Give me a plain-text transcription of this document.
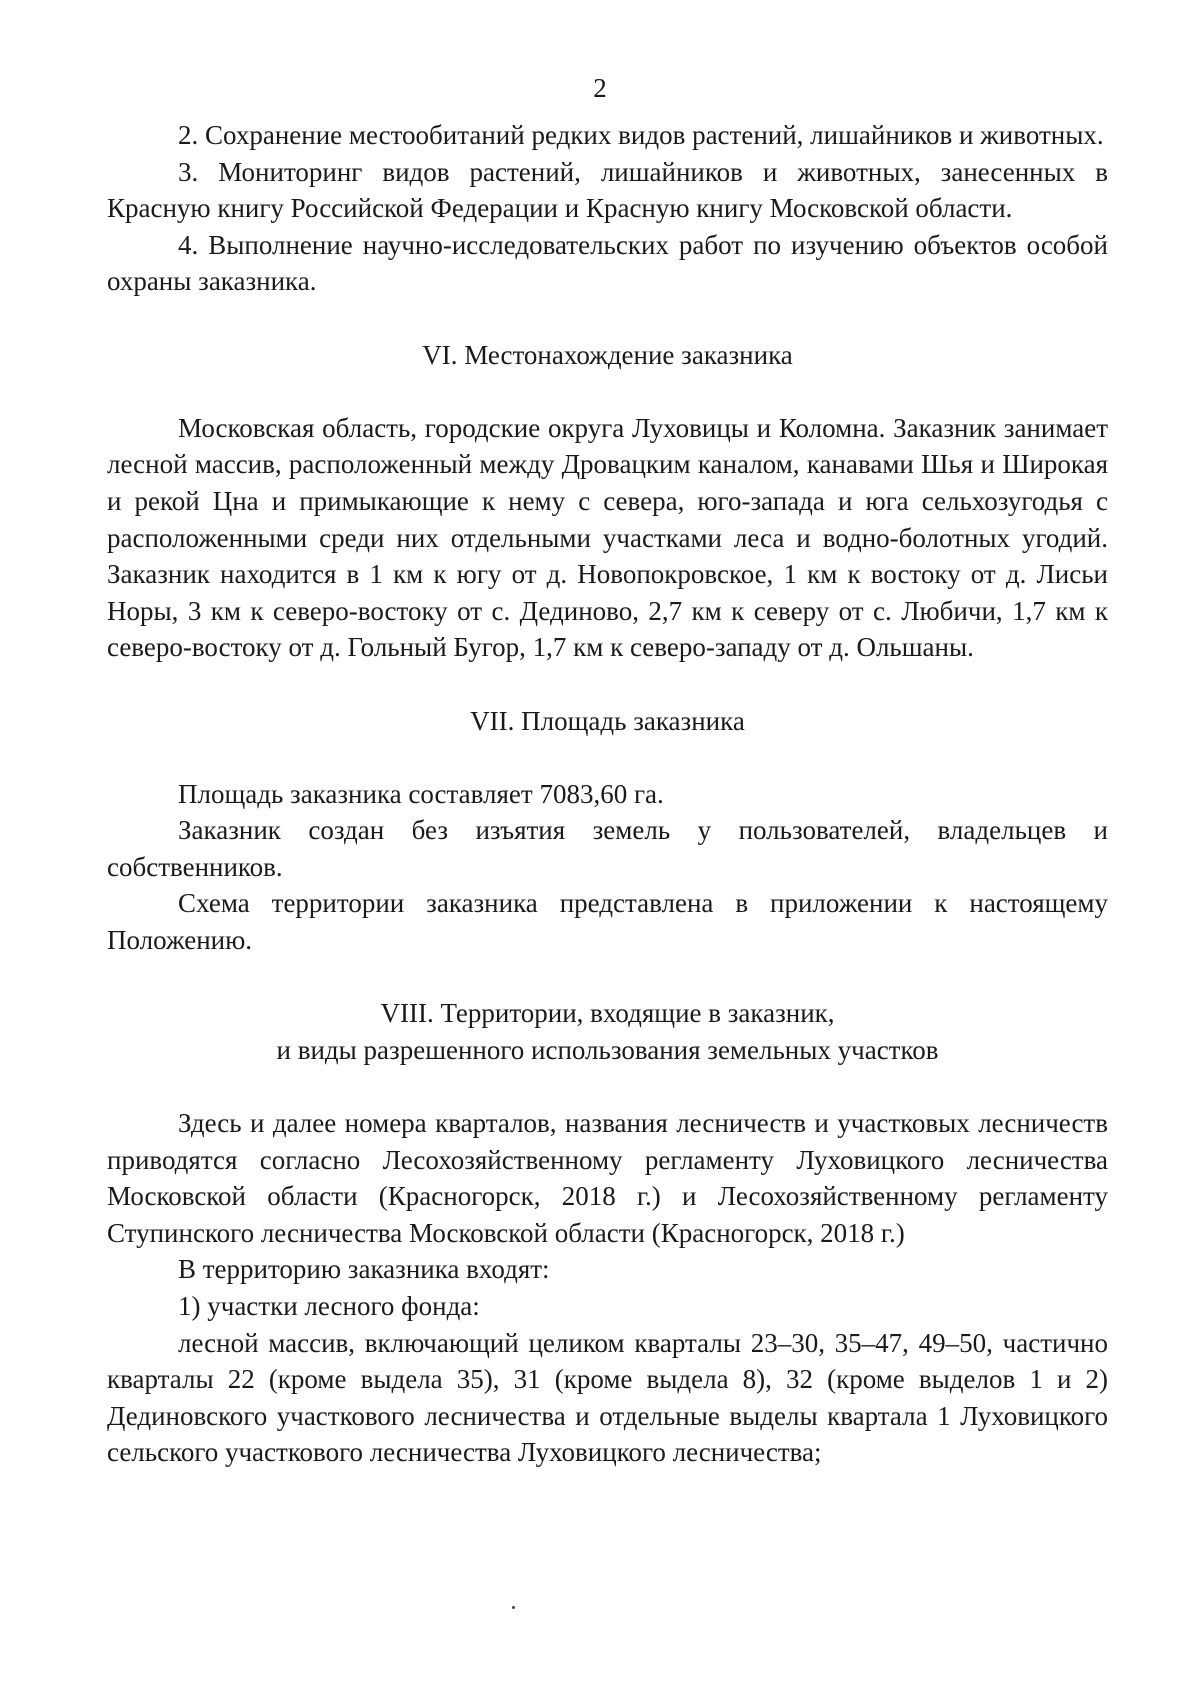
2

2. Сохранение местообитаний редких видов растений, лишайников и животных.

3. Мониторинг видов растений, лишайников и животных, занесенных в Красную книгу Российской Федерации и Красную книгу Московской области.

4. Выполнение научно-исследовательских работ по изучению объектов особой охраны заказника.

VI. Местонахождение заказника

Московская область, городские округа Луховицы и Коломна. Заказник занимает лесной массив, расположенный между Дровацким каналом, канавами Шья и Широкая и рекой Цна и примыкающие к нему с севера, юго-запада и юга сельхозугодья с расположенными среди них отдельными участками леса и водно-болотных угодий. Заказник находится в 1 км к югу от д. Новопокровское, 1 км к востоку от д. Лисьи Норы, 3 км к северо-востоку от с. Дединово, 2,7 км к северу от с. Любичи, 1,7 км к северо-востоку от д. Гольный Бугор, 1,7 км к северо-западу от д. Ольшаны.

VII. Площадь заказника

Площадь заказника составляет 7083,60 га.

Заказник создан без изъятия земель у пользователей, владельцев и собственников.

Схема территории заказника представлена в приложении к настоящему Положению.

VIII. Территории, входящие в заказник,
и виды разрешенного использования земельных участков

Здесь и далее номера кварталов, названия лесничеств и участковых лесничеств приводятся согласно Лесохозяйственному регламенту Луховицкого лесничества Московской области (Красногорск, 2018 г.) и Лесохозяйственному регламенту Ступинского лесничества Московской области (Красногорск, 2018 г.)

В территорию заказника входят:

1) участки лесного фонда:

лесной массив, включающий целиком кварталы 23–30, 35–47, 49–50, частично кварталы 22 (кроме выдела 35), 31 (кроме выдела 8), 32 (кроме выделов 1 и 2) Дединовского участкового лесничества и отдельные выделы квартала 1 Луховицкого сельского участкового лесничества Луховицкого лесничества;
